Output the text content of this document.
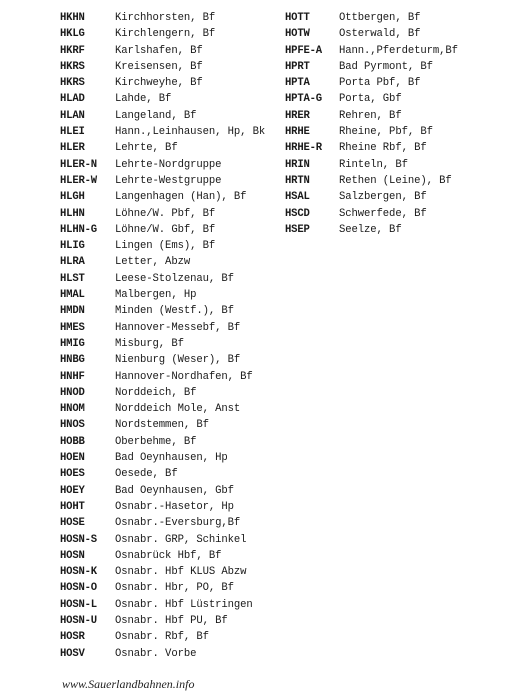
HKHN	Kirchhorsten, Bf
HKLG	Kirchlengern, Bf
HKRF	Karlshafen, Bf
HKRS	Kreisensen, Bf
HKRS	Kirchweyhe, Bf
HLAD	Lahde, Bf
HLAN	Langeland, Bf
HLEI	Hann.,Leinhausen, Hp, Bk
HLER	Lehrte, Bf
HLER-N Lehrte-Nordgruppe
HLER-W Lehrte-Westgruppe
HLGH	Langenhagen (Han), Bf
HLHN	Löhne/W. Pbf, Bf
HLHN-G Löhne/W. Gbf, Bf
HLIG	Lingen (Ems), Bf
HLRA	Letter, Abzw
HLST	Leese-Stolzenau, Bf
HMAL	Malbergen, Hp
HMDN	Minden (Westf.), Bf
HMES	Hannover-Messebf, Bf
HMIG	Misburg, Bf
HNBG	Nienburg (Weser), Bf
HNHF	Hannover-Nordhafen, Bf
HNOD	Norddeich, Bf
HNOM	Norddeich Mole, Anst
HNOS	Nordstemmen, Bf
HOBB	Oberbehme, Bf
HOEN	Bad Oeynhausen, Hp
HOES	Oesede, Bf
HOEY	Bad Oeynhausen, Gbf
HOHT	Osnabr.-Hasetor, Hp
HOSE	Osnabr.-Eversburg,Bf
HOSN-S Osnabr. GRP, Schinkel
HOSN	Osnabrück Hbf, Bf
HOSN-K Osnabr. Hbf KLUS Abzw
HOSN-O Osnabr. Hbr, PO, Bf
HOSN-L Osnabr. Hbf Lüstringen
HOSN-U Osnabr. Hbf PU, Bf
HOSR	Osnabr. Rbf, Bf
HOSV	Osnabr. Vorbe
HOTT	Ottbergen, Bf
HOTW	Osterwald, Bf
HPFE-A Hann.,Pferdeturm,Bf
HPRT	Bad Pyrmont, Bf
HPTA	Porta Pbf, Bf
HPTA-G Porta, Gbf
HRER	Rehren, Bf
HRHE	Rheine, Pbf, Bf
HRHE-R Rheine Rbf, Bf
HRIN	Rinteln, Bf
HRTN	Rethen (Leine), Bf
HSAL	Salzbergen, Bf
HSCD	Schwerfede, Bf
HSEP	Seelze, Bf
www.Sauerlandbahnen.info
